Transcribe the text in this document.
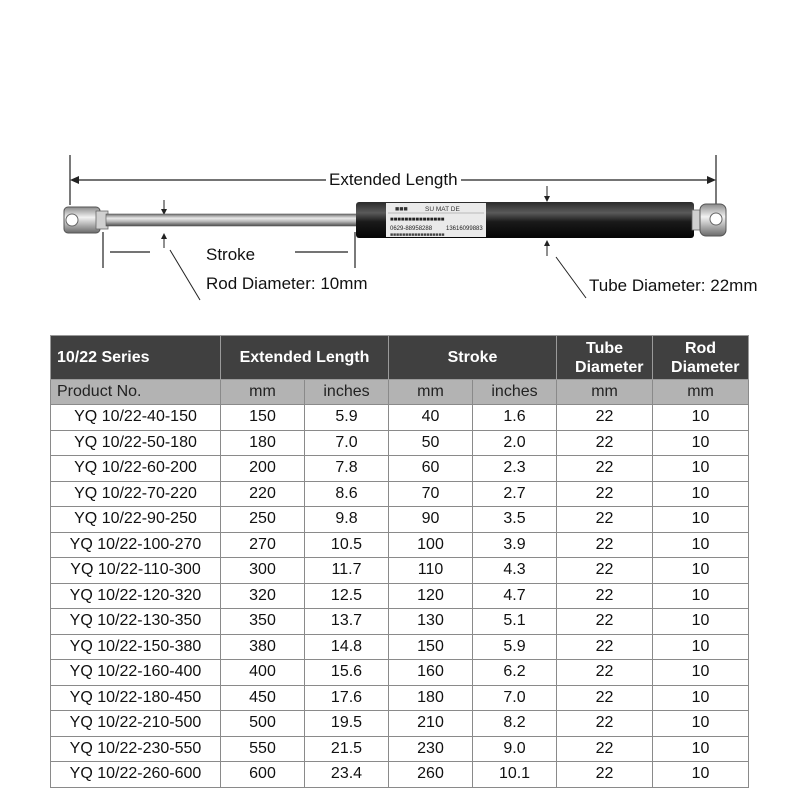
■■■	SU MAT DE
■■■■■■■■■■■■■■■
0629-88958288 13616099883
■■■■■■■■■■■■■■■■■■
Extended Length
Stroke
Rod Diameter: 10mm	Tube Diameter: 22mm
10/22 Series	Extended Length		Stroke		Tube Diameter	Rod Diameter
Product No.	mm	inches	mm	inches	mm	mm
YQ 10/22-40-150	150	5.9	40	1.6	22	10
YQ 10/22-50-180	180	7.0	50	2.0	22	10
YQ 10/22-60-200	200	7.8	60	2.3	22	10
YQ 10/22-70-220	220	8.6	70	2.7	22	10
YQ 10/22-90-250	250	9.8	90	3.5	22	10
YQ 10/22-100-270	270	10.5	100	3.9	22	10
YQ 10/22-110-300	300	11.7	110	4.3	22	10
YQ 10/22-120-320	320	12.5	120	4.7	22	10
YQ 10/22-130-350	350	13.7	130	5.1	22	10
YQ 10/22-150-380	380	14.8	150	5.9	22	10
YQ 10/22-160-400	400	15.6	160	6.2	22	10
YQ 10/22-180-450	450	17.6	180	7.0	22	10
YQ 10/22-210-500	500	19.5	210	8.2	22	10
YQ 10/22-230-550	550	21.5	230	9.0	22	10
YQ 10/22-260-600	600	23.4	260	10.1	22	10
